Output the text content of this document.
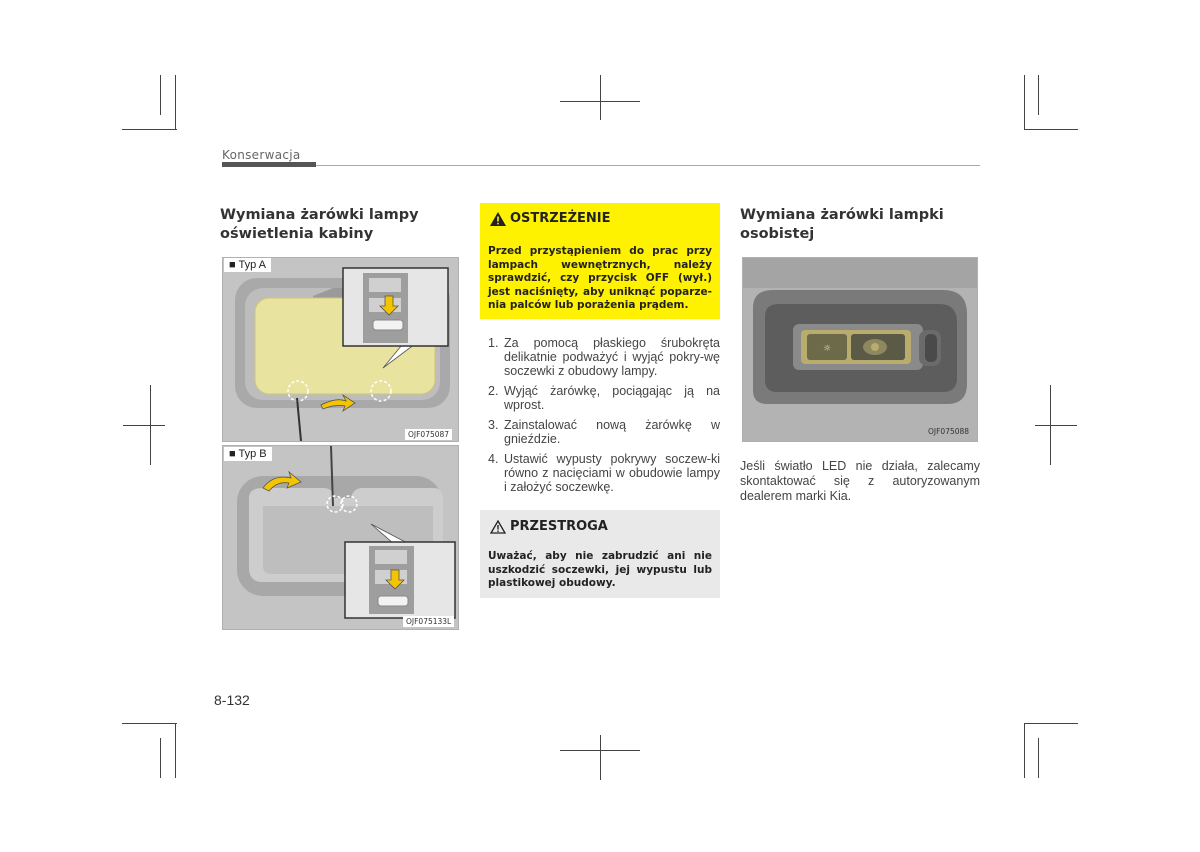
Konserwacja
Wymiana żarówki lampy
oświetlenia kabiny
■ Typ A
OJF075087
■ Typ B
OJF075133L
OSTRZEŻENIE
Przed przystąpieniem do prac przy
lampach wewnętrznych, należy
sprawdzić, czy przycisk OFF (wył.)
jest naciśnięty, aby uniknąć poparze-
nia palców lub porażenia prądem.
1. Za pomocą płaskiego śrubokręta delikatnie podważyć i wyjąć pokry-wę soczewki z obudowy lampy.
2. Wyjąć żarówkę, pociągając ją na wprost.
3. Zainstalować nową żarówkę w gnieździe.
4. Ustawić wypusty pokrywy soczew-ki równo z nacięciami w obudowie lampy i założyć soczewkę.
PRZESTROGA
Uważać, aby nie zabrudzić ani nie
uszkodzić soczewki, jej wypustu lub
plastikowej obudowy.
Wymiana żarówki lampki
osobistej
☼
OJF075088
Jeśli światło LED nie działa, zalecamy skontaktować się z autoryzowanym dealerem marki Kia.
8-132
